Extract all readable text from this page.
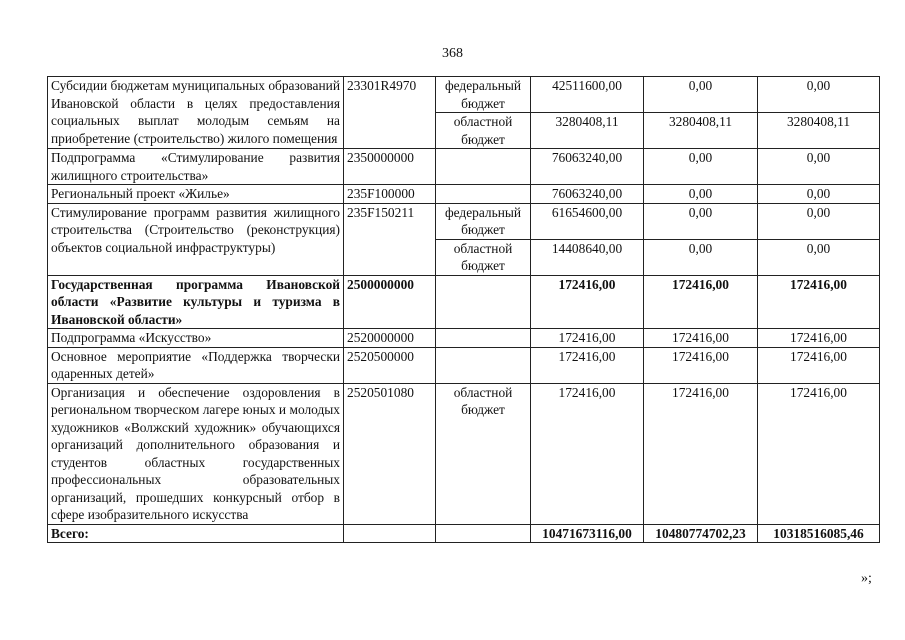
368
Субсидии бюджетам муниципальных образований Ивановской области в целях предоставления социальных выплат молодым семьям на приобретение (строительство) жилого помещения	23301R4970	федеральный бюджет	42511600,00	0,00	0,00
		областной бюджет	3280408,11	3280408,11	3280408,11
Подпрограмма «Стимулирование развития жилищного строительства»	2350000000		76063240,00	0,00	0,00
Региональный проект «Жилье»	235F100000		76063240,00	0,00	0,00
Стимулирование программ развития жилищного строительства (Строительство (реконструкция) объектов социальной инфраструктуры)	235F150211	федеральный бюджет	61654600,00	0,00	0,00
		областной бюджет	14408640,00	0,00	0,00
Государственная программа Ивановской области «Развитие культуры и туризма в Ивановской области»	2500000000		172416,00	172416,00	172416,00
Подпрограмма «Искусство»	2520000000		172416,00	172416,00	172416,00
Основное мероприятие «Поддержка творчески одаренных детей»	2520500000		172416,00	172416,00	172416,00
Организация и обеспечение оздоровления в региональном творческом лагере юных и молодых художников «Волжский художник» обучающихся организаций дополнительного образования и студентов областных государственных профессиональных образовательных организаций, прошедших конкурсный отбор в сфере изобразительного искусства	2520501080	областной бюджет	172416,00	172416,00	172416,00
Всего:			10471673116,00	10480774702,23	10318516085,46
»;
